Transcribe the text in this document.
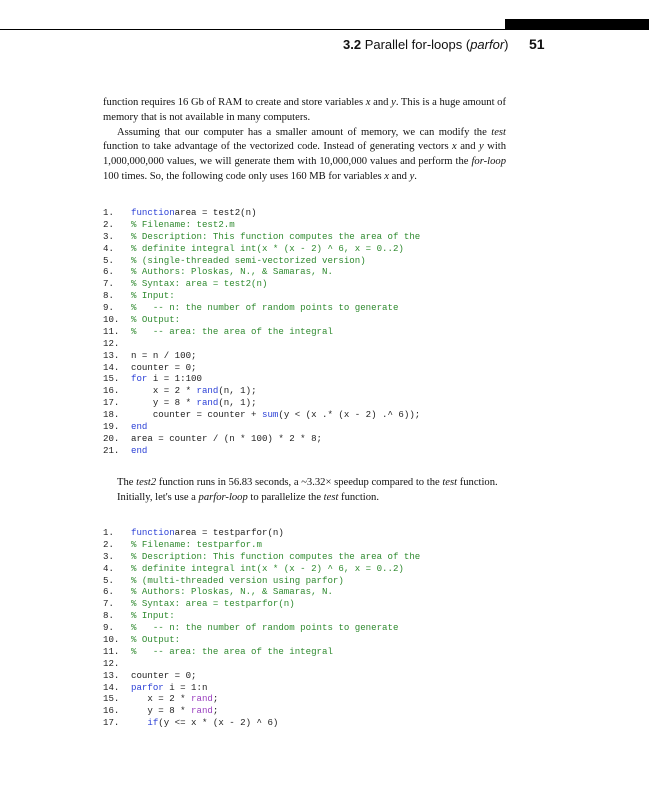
3.2 Parallel for-loops (parfor) 51

function requires 16 Gb of RAM to create and store variables x and y. This is a huge amount of memory that is not available in many computers.

Assuming that our computer has a smaller amount of memory, we can modify the test function to take advantage of the vectorized code. Instead of generating vectors x and y with 1,000,000,000 values, we will generate them with 10,000,000 values and perform the for-loop 100 times. So, the following code only uses 160 MB for variables x and y.

1. functionarea = test2(n)
2. % Filename: test2.m
3. % Description: This function computes the area of the
4. % definite integral int(x * (x - 2) ^ 6, x = 0..2)
5. % (single-threaded semi-vectorized version)
6. % Authors: Ploskas, N., & Samaras, N.
7. % Syntax: area = test2(n)
8. % Input:
9. %   -- n: the number of random points to generate
10. % Output:
11. %   -- area: the area of the integral
12.
13. n = n / 100;
14. counter = 0;
15. for i = 1:100
16.    x = 2 * rand(n, 1);
17.    y = 8 * rand(n, 1);
18.    counter = counter + sum(y < (x .* (x - 2) .^ 6));
19. end
20. area = counter / (n * 100) * 2 * 8;
21. end

The test2 function runs in 56.83 seconds, a ~3.32× speedup compared to the test function.

Initially, let's use a parfor-loop to parallelize the test function.

1. functionarea = testparfor(n)
2. % Filename: testparfor.m
3. % Description: This function computes the area of the
4. % definite integral int(x * (x - 2) ^ 6, x = 0..2)
5. % (multi-threaded version using parfor)
6. % Authors: Ploskas, N., & Samaras, N.
7. % Syntax: area = testparfor(n)
8. % Input:
9. %   -- n: the number of random points to generate
10. % Output:
11. %   -- area: the area of the integral
12.
13. counter = 0;
14. parfor i = 1:n
15.   x = 2 * rand;
16.   y = 8 * rand;
17.	if(y <= x * (x - 2) ^ 6)
